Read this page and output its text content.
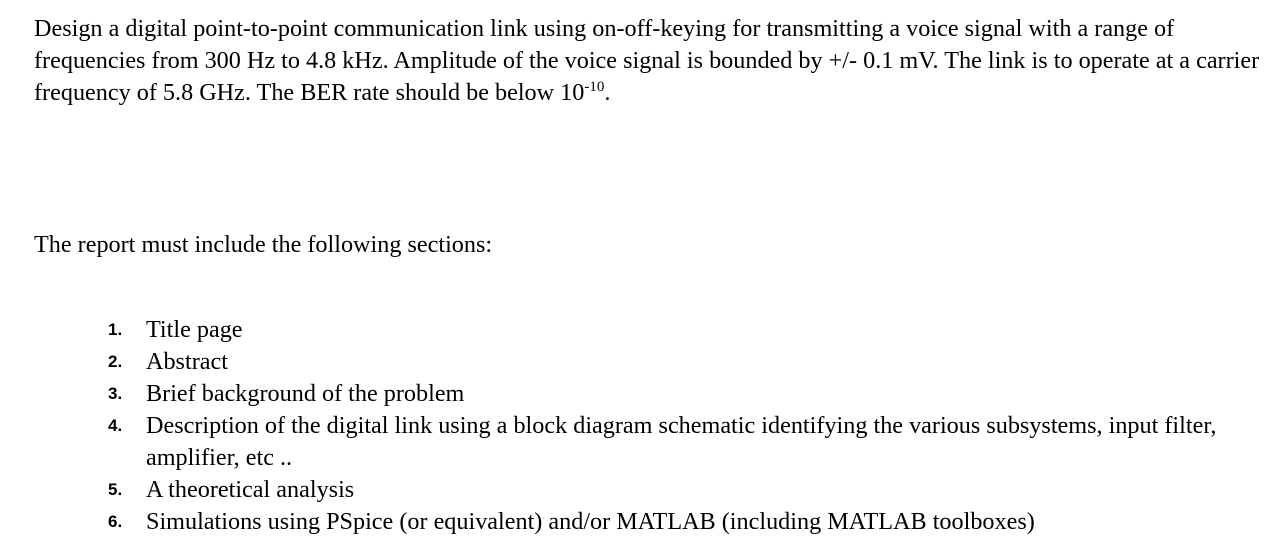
Design a digital point-to-point communication link using on-off-keying for transmitting a voice signal with a range of frequencies from 300 Hz to 4.8 kHz. Amplitude of the voice signal is bounded by +/- 0.1 mV. The link is to operate at a carrier frequency of 5.8 GHz. The BER rate should be below $10^{-10}$.

The report must include the following sections:

1. Title page
2. Abstract
3. Brief background of the problem
4. Description of the digital link using a block diagram schematic identifying the various subsystems, input filter, amplifier, etc ..
5. A theoretical analysis
6. Simulations using PSpice (or equivalent) and/or MATLAB (including MATLAB toolboxes)
